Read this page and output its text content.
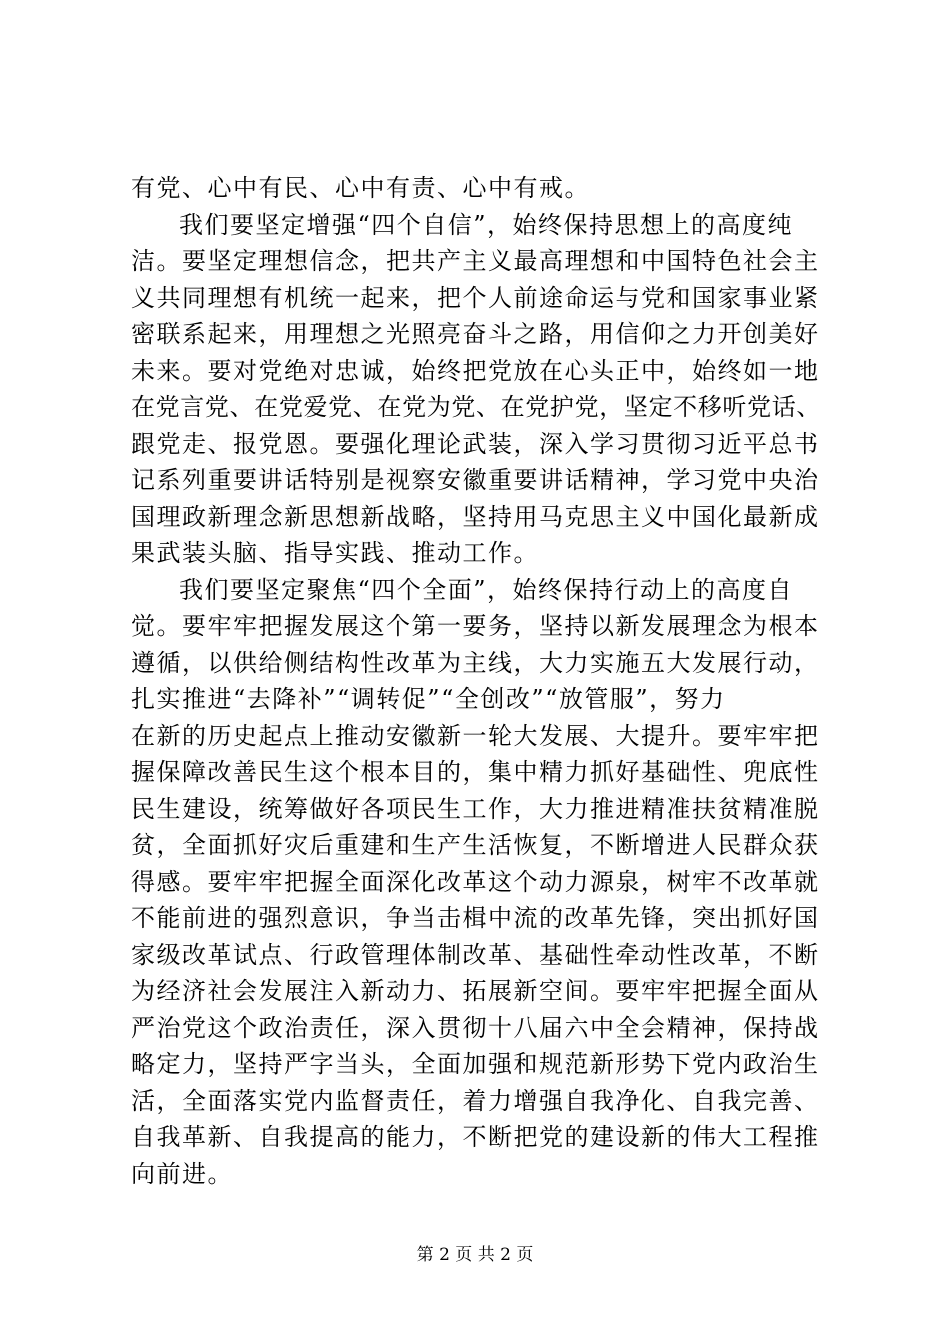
有党、心中有民、心中有责、心中有戒。
我们要坚定增强“四个自信”，始终保持思想上的高度纯
洁。要坚定理想信念，把共产主义最高理想和中国特色社会主
义共同理想有机统一起来，把个人前途命运与党和国家事业紧
密联系起来，用理想之光照亮奋斗之路，用信仰之力开创美好
未来。要对党绝对忠诚，始终把党放在心头正中，始终如一地
在党言党、在党爱党、在党为党、在党护党，坚定不移听党话、
跟党走、报党恩。要强化理论武装，深入学习贯彻习近平总书
记系列重要讲话特别是视察安徽重要讲话精神，学习党中央治
国理政新理念新思想新战略，坚持用马克思主义中国化最新成
果武装头脑、指导实践、推动工作。
我们要坚定聚焦“四个全面”，始终保持行动上的高度自
觉。要牢牢把握发展这个第一要务，坚持以新发展理念为根本
遵循，以供给侧结构性改革为主线，大力实施五大发展行动，
扎实推进“去降补”“调转促”“全创改”“放管服”，努力
在新的历史起点上推动安徽新一轮大发展、大提升。要牢牢把
握保障改善民生这个根本目的，集中精力抓好基础性、兜底性
民生建设，统筹做好各项民生工作，大力推进精准扶贫精准脱
贫，全面抓好灾后重建和生产生活恢复，不断增进人民群众获
得感。要牢牢把握全面深化改革这个动力源泉，树牢不改革就
不能前进的强烈意识，争当击楫中流的改革先锋，突出抓好国
家级改革试点、行政管理体制改革、基础性牵动性改革，不断
为经济社会发展注入新动力、拓展新空间。要牢牢把握全面从
严治党这个政治责任，深入贯彻十八届六中全会精神，保持战
略定力，坚持严字当头，全面加强和规范新形势下党内政治生
活，全面落实党内监督责任，着力增强自我净化、自我完善、
自我革新、自我提高的能力，不断把党的建设新的伟大工程推
向前进。
第 2 页 共 2 页
